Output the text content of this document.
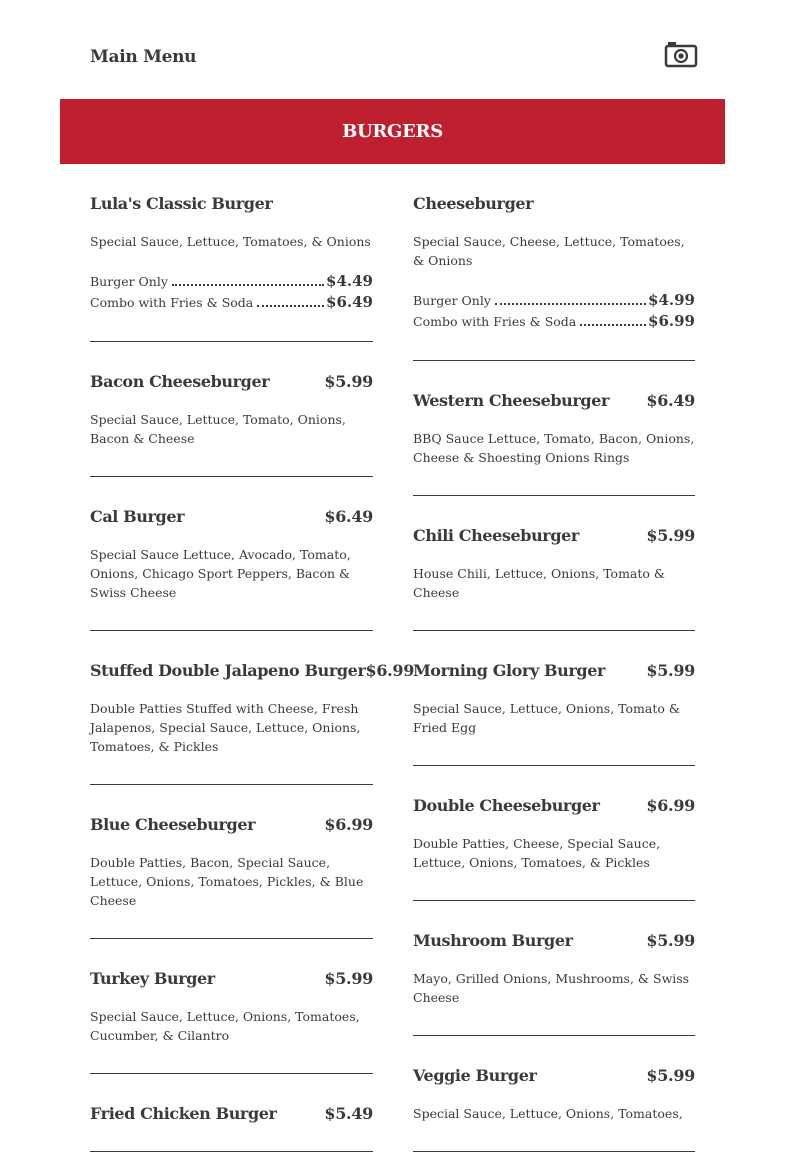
Main Menu
BURGERS
Lula's Classic Burger
Special Sauce, Lettuce, Tomatoes, & Onions
Burger Only	$4.49
Combo with Fries & Soda	$6.49
Bacon Cheeseburger	$5.99
Special Sauce, Lettuce, Tomato, Onions, Bacon & Cheese
Cal Burger	$6.49
Special Sauce Lettuce, Avocado, Tomato, Onions, Chicago Sport Peppers, Bacon & Swiss Cheese
Stuffed Double Jalapeno Burger $6.99
Double Patties Stuffed with Cheese, Fresh Jalapenos, Special Sauce, Lettuce, Onions, Tomatoes, & Pickles
Blue Cheeseburger	$6.99
Double Patties, Bacon, Special Sauce, Lettuce, Onions, Tomatoes, Pickles, & Blue Cheese
Turkey Burger	$5.99
Special Sauce, Lettuce, Onions, Tomatoes, Cucumber, & Cilantro
Fried Chicken Burger	$5.49
Cheeseburger
Special Sauce, Cheese, Lettuce, Tomatoes, & Onions
Burger Only	$4.99
Combo with Fries & Soda	$6.99
Western Cheeseburger $6.49
BBQ Sauce Lettuce, Tomato, Bacon, Onions, Cheese & Shoesting Onions Rings
Chili Cheeseburger	$5.99
House Chili, Lettuce, Onions, Tomato & Cheese
Morning Glory Burger	$5.99
Special Sauce, Lettuce, Onions, Tomato & Fried Egg
Double Cheeseburger	$6.99
Double Patties, Cheese, Special Sauce, Lettuce, Onions, Tomatoes, & Pickles
Mushroom Burger	$5.99
Mayo, Grilled Onions, Mushrooms, & Swiss Cheese
Veggie Burger	$5.99
Special Sauce, Lettuce, Onions, Tomatoes,
